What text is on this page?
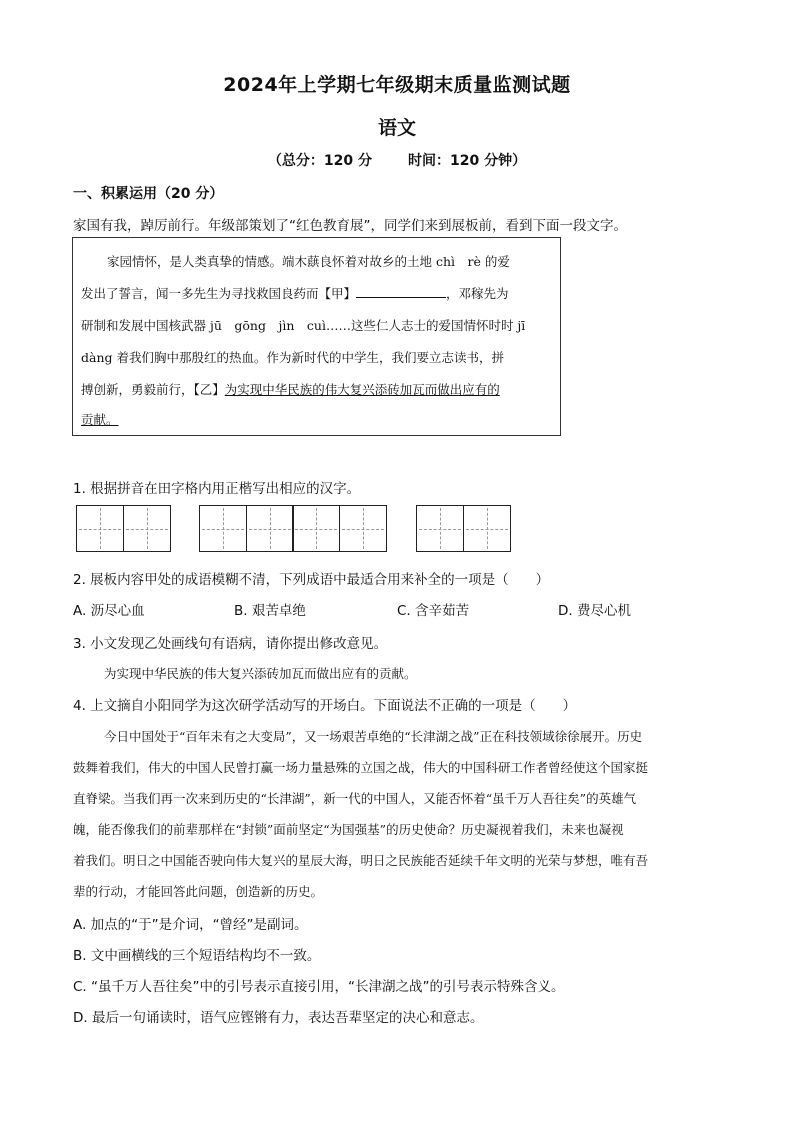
2024年上学期七年级期末质量监测试题
语文
（总分：120 分	时间：120 分钟）
一、积累运用（20 分）
家国有我，踔厉前行。年级部策划了“红色教育展”，同学们来到展板前，看到下面一段文字。

家园情怀，是人类真挚的情感。端木蕻良怀着对故乡的土地 chì　rè 的爱

发出了誓言，闻一多先生为寻找救国良药而【甲】	，邓稼先为

研制和发展中国核武器 jū　gōng　jìn　cuì……这些仁人志士的爱国情怀时时 jī

dàng 着我们胸中那殷红的热血。作为新时代的中学生，我们要立志读书，拼

搏创新，勇毅前行，【乙】为实现中华民族的伟大复兴添砖加瓦而做出应有的

贡献。

1. 根据拼音在田字格内用正楷写出相应的汉字。
2. 展板内容甲处的成语模糊不清，下列成语中最适合用来补全的一项是（　　）
A. 沥尽心血	B. 艰苦卓绝	C. 含辛茹苦	D. 费尽心机
3. 小文发现乙处画线句有语病，请你提出修改意见。
为实现中华民族的伟大复兴添砖加瓦而做出应有的贡献。
4. 上文摘自小阳同学为这次研学活动写的开场白。下面说法不正确的一项是（　　）

今日中国处于“百年未有之大变局”，又一场艰苦卓绝的“长津湖之战”正在科技领域徐徐展开。历史

鼓舞着我们，伟大的中国人民曾打赢一场力量悬殊的立国之战，伟大的中国科研工作者曾经使这个国家挺

直脊梁。当我们再一次来到历史的“长津湖”，新一代的中国人，又能否怀着“虽千万人吾往矣”的英雄气

魄，能否像我们的前辈那样在“封锁”面前坚定“为国强基”的历史使命？历史凝视着我们，未来也凝视

着我们。明日之中国能否驶向伟大复兴的星辰大海，明日之民族能否延续千年文明的光荣与梦想，唯有吾

辈的行动，才能回答此问题，创造新的历史。

A. 加点的“于”是介词，“曾经”是副词。
B. 文中画横线的三个短语结构均不一致。
C. “虽千万人吾往矣”中的引号表示直接引用，“长津湖之战”的引号表示特殊含义。
D. 最后一句诵读时，语气应铿锵有力，表达吾辈坚定的决心和意志。
